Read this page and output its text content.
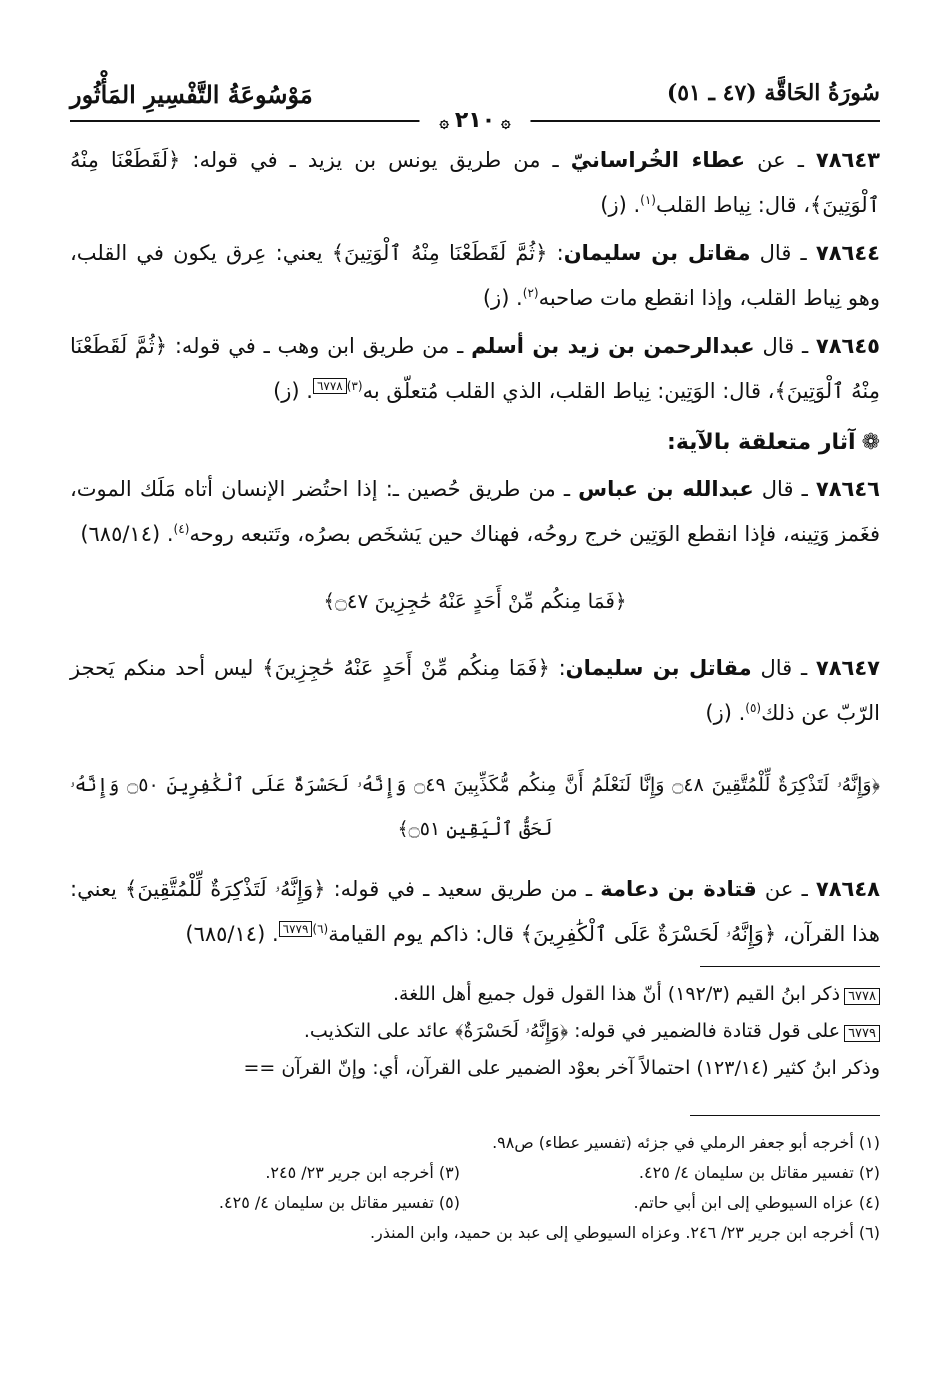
سُورَةُ الحَاقَّة (٤٧ ـ ٥١)
مَوْسُوعَةُ التَّفْسِيرِ المَأْثُور
۞٢١٠۞

٧٨٦٤٣ ـ عن عطاء الخُراسانيّ ـ من طريق يونس بن يزيد ـ في قوله: ﴿لَقَطَعْنَا مِنْهُ ٱلْوَتِينَ﴾، قال: نِياط القلب$^{(١)}$. (ز)

٧٨٦٤٤ ـ قال مقاتل بن سليمان: ﴿ثُمَّ لَقَطَعْنَا مِنْهُ ٱلْوَتِينَ﴾ يعني: عِرق يكون في القلب، وهو نِياط القلب، وإذا انقطع مات صاحبه$^{(٢)}$. (ز)

٧٨٦٤٥ ـ قال عبدالرحمن بن زيد بن أسلم ـ من طريق ابن وهب ـ في قوله: ﴿ثُمَّ لَقَطَعْنَا مِنْهُ ٱلْوَتِينَ﴾، قال: الوَتِين: نِياط القلب، الذي القلب مُتعلّق به$^{(٣)٦٧٧٨}$. (ز)

❁آثار متعلقة بالآية:

٧٨٦٤٦ ـ قال عبدالله بن عباس ـ من طريق حُصين ـ: إذا احتُضر الإنسان أتاه مَلَك الموت، فغَمز وَتِينه، فإذا انقطع الوَتِين خرج روحُه، فهناك حين يَشخَص بصرُه، وتَتبعه روحه$^{(٤)}$. (٦٨٥/١٤)

﴿فَمَا مِنكُم مِّنْ أَحَدٍ عَنْهُ حَٰجِزِينَ ۝٤٧﴾

٧٨٦٤٧ ـ قال مقاتل بن سليمان: ﴿فَمَا مِنكُم مِّنْ أَحَدٍ عَنْهُ حَٰجِزِينَ﴾ ليس أحد منكم يَحجز الرّبّ عن ذلك$^{(٥)}$. (ز)

﴿وَإِنَّهُۥ لَتَذْكِرَةٌ لِّلْمُتَّقِينَ ۝٤٨ وَإِنَّا لَنَعْلَمُ أَنَّ مِنكُم مُّكَذِّبِينَ ۝٤٩ وَإِنَّهُۥ لَحَسْرَةٌ عَلَى ٱلْكَٰفِرِينَ ۝٥٠ وَإِنَّهُۥ لَحَقُّ ٱلْيَقِينِ ۝٥١﴾

٧٨٦٤٨ ـ عن قتادة بن دعامة ـ من طريق سعيد ـ في قوله: ﴿وَإِنَّهُۥ لَتَذْكِرَةٌ لِّلْمُتَّقِينَ﴾ يعني: هذا القرآن، ﴿وَإِنَّهُۥ لَحَسْرَةٌ عَلَى ٱلْكَٰفِرِينَ﴾ قال: ذاكم يوم القيامة$^{(٦)٦٧٧٩}$. (٦٨٥/١٤)

٦٧٧٨ذكر ابنُ القيم (١٩٢/٣) أنّ هذا القول قول جميع أهل اللغة.

٦٧٧٩على قول قتادة فالضمير في قوله: ﴿وَإِنَّهُۥ لَحَسْرَةٌ﴾ عائد على التكذيب.

وذكر ابنُ كثير (١٢٣/١٤) احتمالاً آخر بعوْد الضمير على القرآن، أي: وإنّ القرآن ==

(١) أخرجه أبو جعفر الرملي في جزئه (تفسير عطاء) ص٩٨.
(٢) تفسير مقاتل بن سليمان ٤/ ٤٢٥.
(٣) أخرجه ابن جرير ٢٣/ ٢٤٥.
(٤) عزاه السيوطي إلى ابن أبي حاتم.
(٥) تفسير مقاتل بن سليمان ٤/ ٤٢٥.
(٦) أخرجه ابن جرير ٢٣/ ٢٤٦. وعزاه السيوطي إلى عبد بن حميد، وابن المنذر.
